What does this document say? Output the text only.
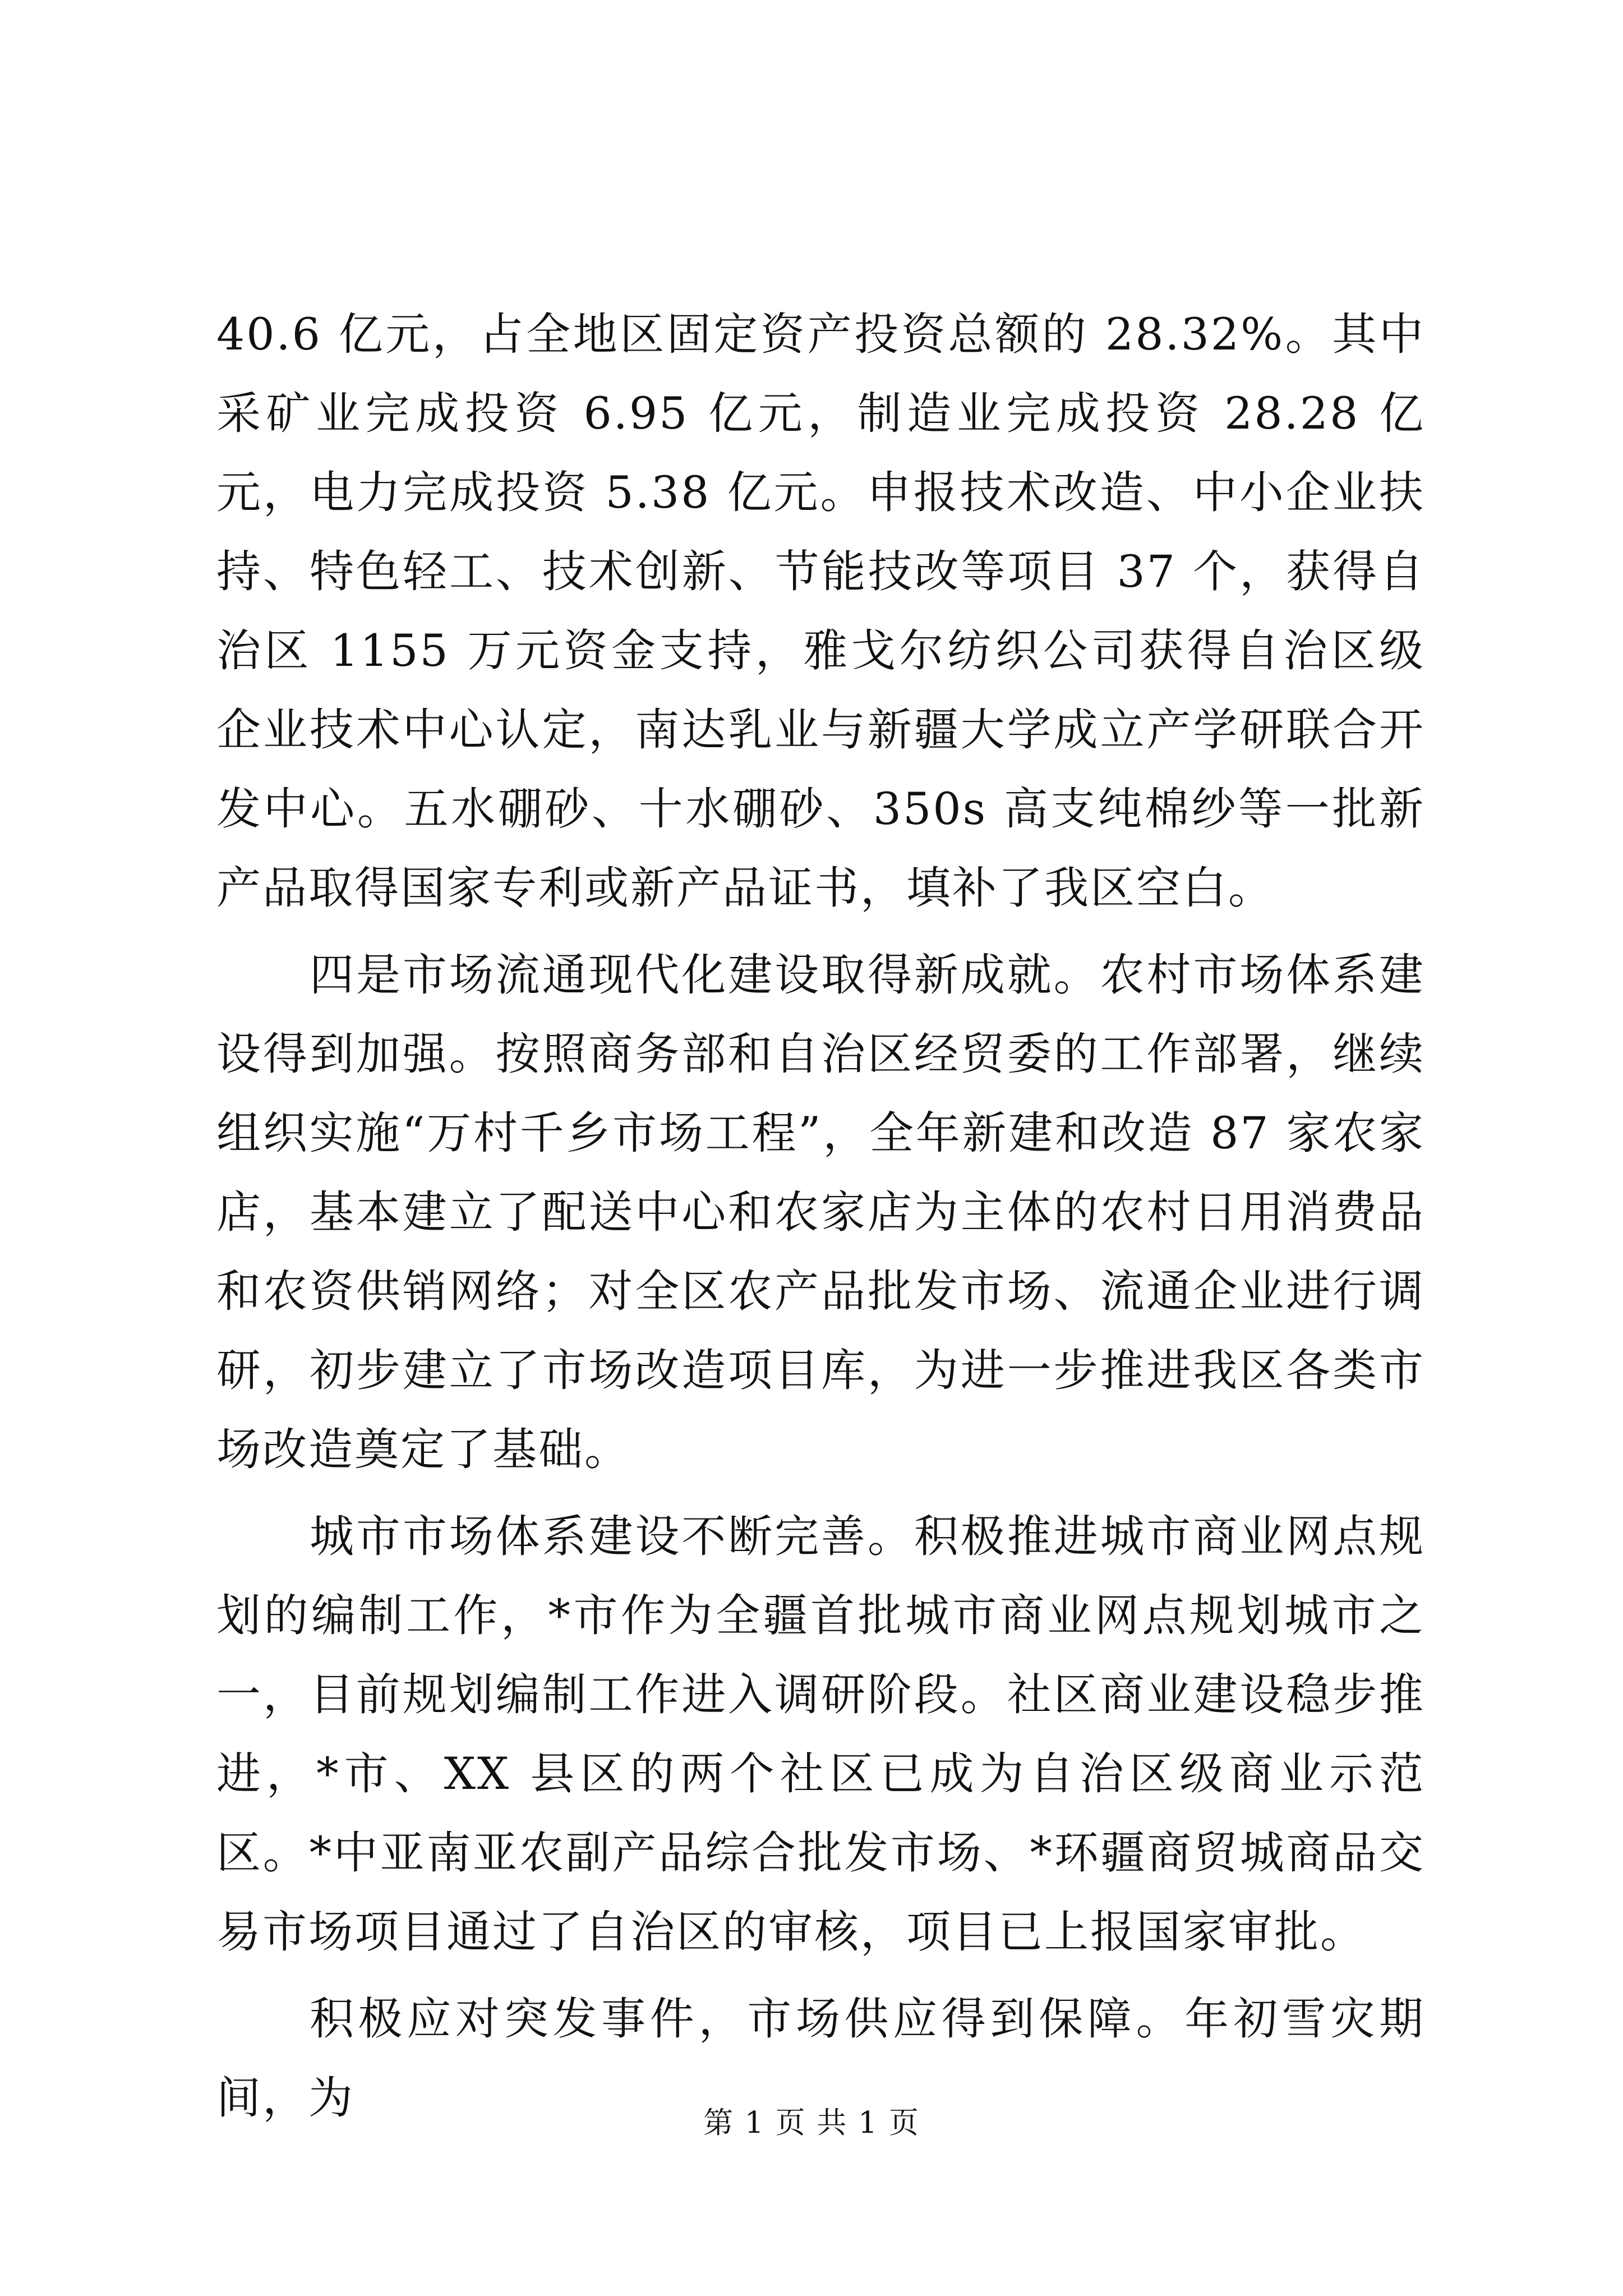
40.6 亿元，占全地区固定资产投资总额的 28.32%。其中采矿业完成投资 6.95 亿元，制造业完成投资 28.28 亿元，电力完成投资 5.38 亿元。申报技术改造、中小企业扶持、特色轻工、技术创新、节能技改等项目 37 个，获得自治区 1155 万元资金支持，雅戈尔纺织公司获得自治区级企业技术中心认定，南达乳业与新疆大学成立产学研联合开发中心。五水硼砂、十水硼砂、350s 高支纯棉纱等一批新产品取得国家专利或新产品证书，填补了我区空白。

四是市场流通现代化建设取得新成就。农村市场体系建设得到加强。按照商务部和自治区经贸委的工作部署，继续组织实施“万村千乡市场工程”，全年新建和改造 87 家农家店，基本建立了配送中心和农家店为主体的农村日用消费品和农资供销网络；对全区农产品批发市场、流通企业进行调研，初步建立了市场改造项目库，为进一步推进我区各类市场改造奠定了基础。

城市市场体系建设不断完善。积极推进城市商业网点规划的编制工作，*市作为全疆首批城市商业网点规划城市之一，目前规划编制工作进入调研阶段。社区商业建设稳步推进，*市、XX 县区的两个社区已成为自治区级商业示范区。*中亚南亚农副产品综合批发市场、*环疆商贸城商品交易市场项目通过了自治区的审核，项目已上报国家审批。

积极应对突发事件，市场供应得到保障。年初雪灾期间，为	第 1 页 共 1 页
